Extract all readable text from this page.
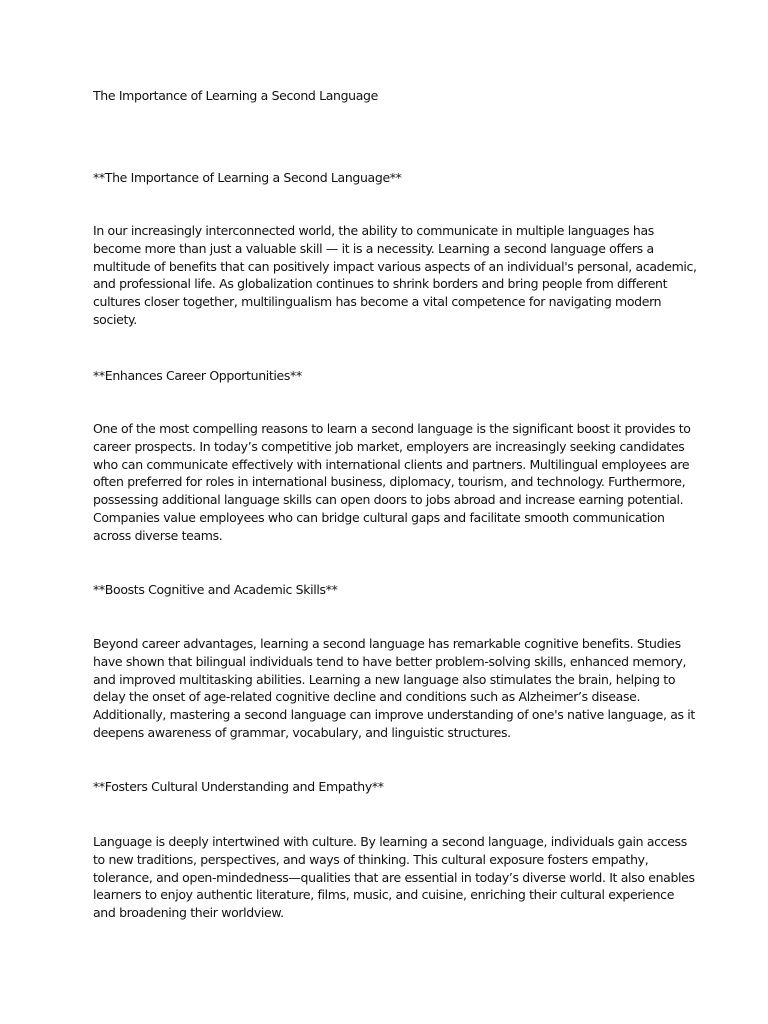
The Importance of Learning a Second Language

**The Importance of Learning a Second Language**

In our increasingly interconnected world, the ability to communicate in multiple languages has
become more than just a valuable skill — it is a necessity. Learning a second language offers a
multitude of benefits that can positively impact various aspects of an individual's personal, academic,
and professional life. As globalization continues to shrink borders and bring people from different
cultures closer together, multilingualism has become a vital competence for navigating modern
society.

**Enhances Career Opportunities**

One of the most compelling reasons to learn a second language is the significant boost it provides to
career prospects. In today’s competitive job market, employers are increasingly seeking candidates
who can communicate effectively with international clients and partners. Multilingual employees are
often preferred for roles in international business, diplomacy, tourism, and technology. Furthermore,
possessing additional language skills can open doors to jobs abroad and increase earning potential.
Companies value employees who can bridge cultural gaps and facilitate smooth communication
across diverse teams.

**Boosts Cognitive and Academic Skills**

Beyond career advantages, learning a second language has remarkable cognitive benefits. Studies
have shown that bilingual individuals tend to have better problem-solving skills, enhanced memory,
and improved multitasking abilities. Learning a new language also stimulates the brain, helping to
delay the onset of age-related cognitive decline and conditions such as Alzheimer’s disease.
Additionally, mastering a second language can improve understanding of one's native language, as it
deepens awareness of grammar, vocabulary, and linguistic structures.

**Fosters Cultural Understanding and Empathy**

Language is deeply intertwined with culture. By learning a second language, individuals gain access
to new traditions, perspectives, and ways of thinking. This cultural exposure fosters empathy,
tolerance, and open-mindedness—qualities that are essential in today’s diverse world. It also enables
learners to enjoy authentic literature, films, music, and cuisine, enriching their cultural experience
and broadening their worldview.
